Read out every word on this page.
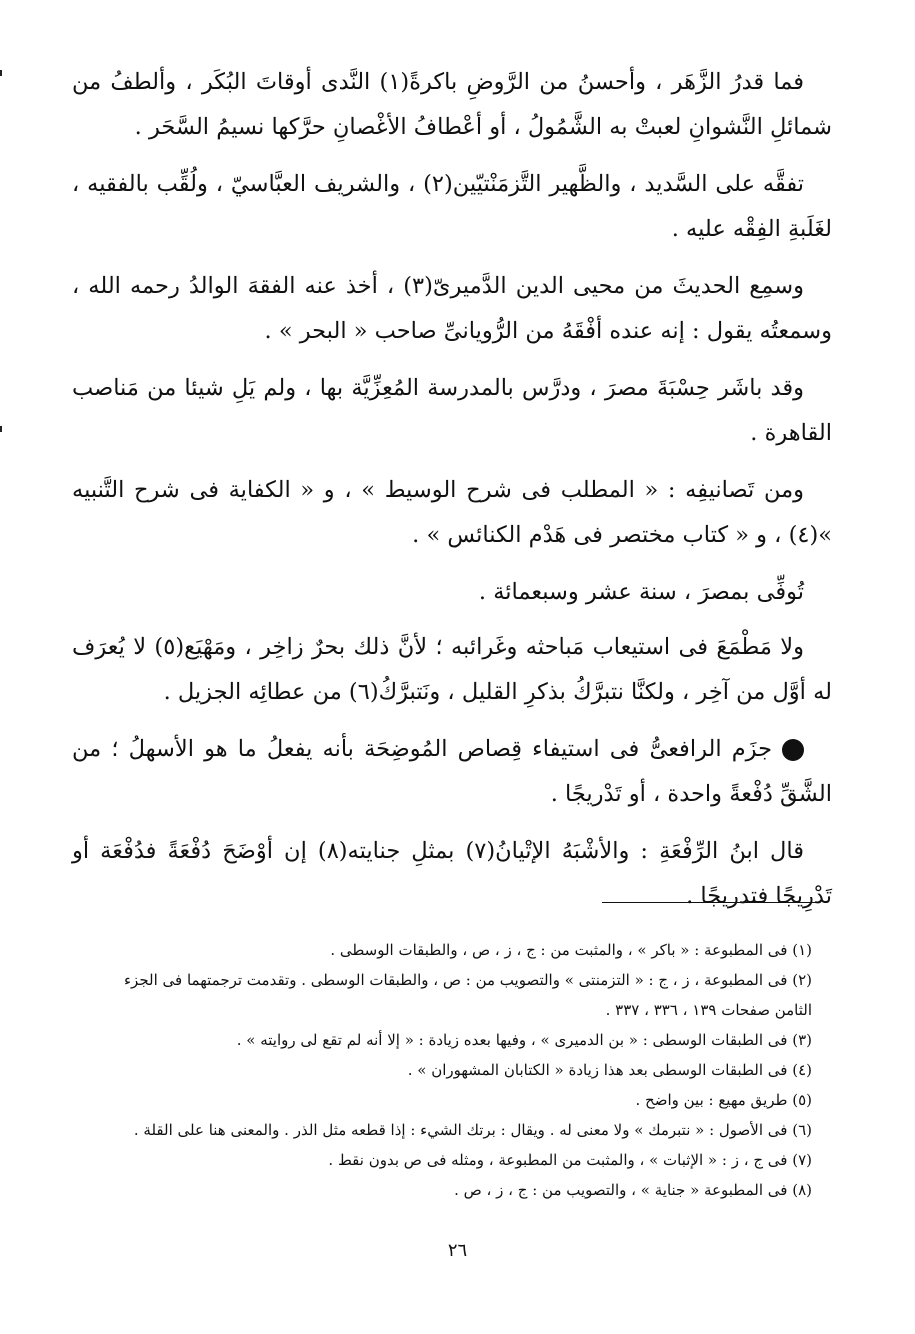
فما قدرُ الزَّهَر ، وأحسنُ من الرَّوضِ باكرةً(١) النَّدى أوقاتَ البُكَر ، وألطفُ من شمائلِ النَّشوانِ لعبتْ به الشَّمُولُ ، أو أعْطافُ الأغْصانِ حرَّكها نسيمُ السَّحَر .

تفقَّه على السَّديد ، والظَّهير التَّزمَنْتيّين(٢) ، والشريف العبَّاسيّ ، ولُقِّب بالفقيه ، لغَلَبةِ الفِقْه عليه .

وسمِع الحديثَ من محيى الدين الدَّميرىّ(٣) ، أخذ عنه الفقهَ الوالدُ رحمه الله ، وسمعتُه يقول : إنه عنده أفْقَهُ من الرُّويانىِّ صاحب « البحر » .

وقد باشَر حِسْبَةَ مصرَ ، ودرَّس بالمدرسة المُعِزِّيَّة بها ، ولم يَلِ شيئا من مَناصب القاهرة .

ومن تَصانيفِه : « المطلب فى شرح الوسيط » ، و « الكفاية فى شرح التَّنبيه »(٤) ، و « كتاب مختصر فى هَدْم الكنائس » .

تُوفِّى بمصرَ ، سنة عشر وسبعمائة .

ولا مَطْمَعَ فى استيعاب مَباحثه وغَرائبه ؛ لأنَّ ذلك بحرٌ زاخِر ، ومَهْيَع(٥) لا يُعرَف له أوَّل من آخِر ، ولكنَّا نتبرَّكُ بذكرِ القليل ، ونَتبرَّكُ(٦) من عطائِه الجزيل .

جزَم الرافعىُّ فى استيفاء قِصاص المُوضِحَة بأنه يفعلُ ما هو الأسهلُ ؛ من الشَّقِّ دُفْعةً واحدة ، أو تَدْريجًا .

قال ابنُ الرِّفْعَةِ : والأشْبَهُ الإتْيانُ(٧) بمثلِ جنايته(٨) إن أوْضَحَ دُفْعَةً فدُفْعَة أو تَدْرِيجًا فتدريجًا .

(١) فى المطبوعة : « باكر » ، والمثبت من : ج ، ز ، ص ، والطبقات الوسطى .

(٢) فى المطبوعة ، ز ، ج : « التزمنتى » والتصويب من : ص ، والطبقات الوسطى . وتقدمت ترجمتهما فى الجزء الثامن صفحات ١٣٩ ، ٣٣٦ ، ٣٣٧ .

(٣) فى الطبقات الوسطى : « بن الدميرى » ، وفيها بعده زيادة : « إلا أنه لم تقع لى روايته » .

(٤) فى الطبقات الوسطى بعد هذا زيادة « الكتابان المشهوران » .

(٥) طريق مهيع : بين واضح .

(٦) فى الأصول : « نتبرمك » ولا معنى له . ويقال : برتك الشيء : إذا قطعه مثل الذر . والمعنى هنا على القلة .

(٧) فى ج ، ز : « الإثبات » ، والمثبت من المطبوعة ، ومثله فى ص بدون نقط .

(٨) فى المطبوعة « جناية » ، والتصويب من : ج ، ز ، ص .

٢٦
